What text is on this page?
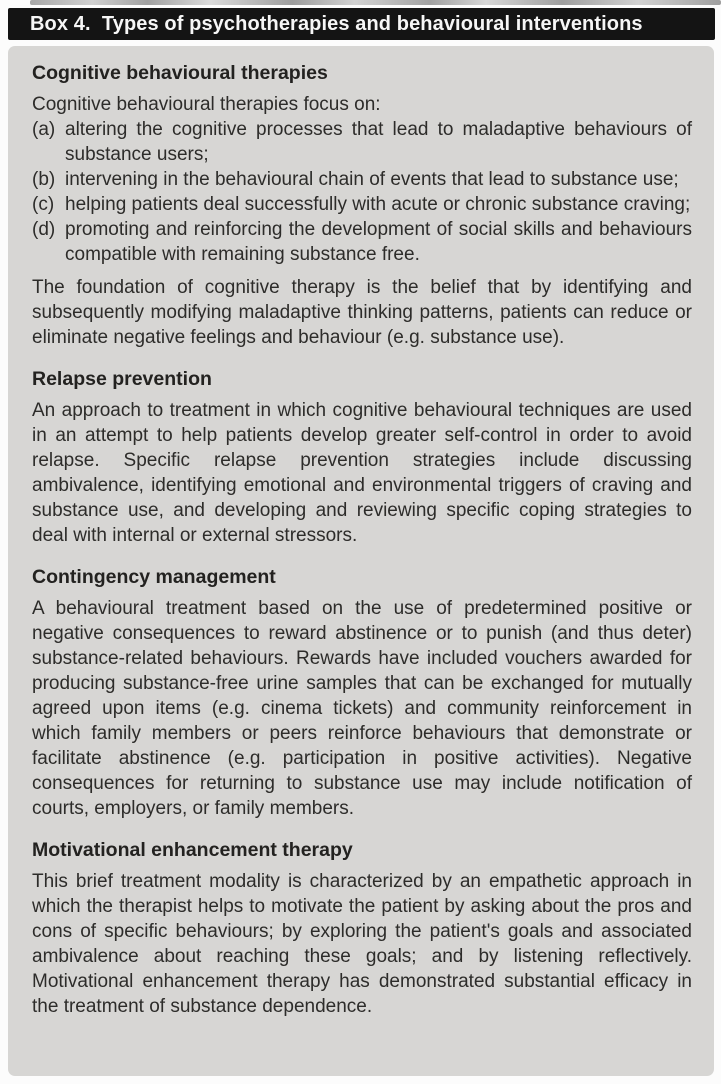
Box 4.  Types of psychotherapies and behavioural interventions
Cognitive behavioural therapies

Cognitive behavioural therapies focus on:

(a) altering the cognitive processes that lead to maladaptive behaviours of substance users;
(b) intervening in the behavioural chain of events that lead to substance use;
(c) helping patients deal successfully with acute or chronic substance craving;
(d) promoting and reinforcing the development of social skills and behaviours compatible with remaining substance free.

The foundation of cognitive therapy is the belief that by identifying and subsequently modifying maladaptive thinking patterns, patients can reduce or eliminate negative feelings and behaviour (e.g. substance use).

Relapse prevention

An approach to treatment in which cognitive behavioural techniques are used in an attempt to help patients develop greater self-control in order to avoid relapse. Specific relapse prevention strategies include discussing ambivalence, identifying emotional and environmental triggers of craving and substance use, and developing and reviewing specific coping strategies to deal with internal or external stressors.

Contingency management

A behavioural treatment based on the use of predetermined positive or negative consequences to reward abstinence or to punish (and thus deter) substance-related behaviours. Rewards have included vouchers awarded for producing substance-free urine samples that can be exchanged for mutually agreed upon items (e.g. cinema tickets) and community reinforcement in which family members or peers reinforce behaviours that demonstrate or facilitate abstinence (e.g. participation in positive activities). Negative consequences for returning to substance use may include notification of courts, employers, or family members.

Motivational enhancement therapy

This brief treatment modality is characterized by an empathetic approach in which the therapist helps to motivate the patient by asking about the pros and cons of specific behaviours; by exploring the patient's goals and associated ambivalence about reaching these goals; and by listening reflectively. Motivational enhancement therapy has demonstrated substantial efficacy in the treatment of substance dependence.
